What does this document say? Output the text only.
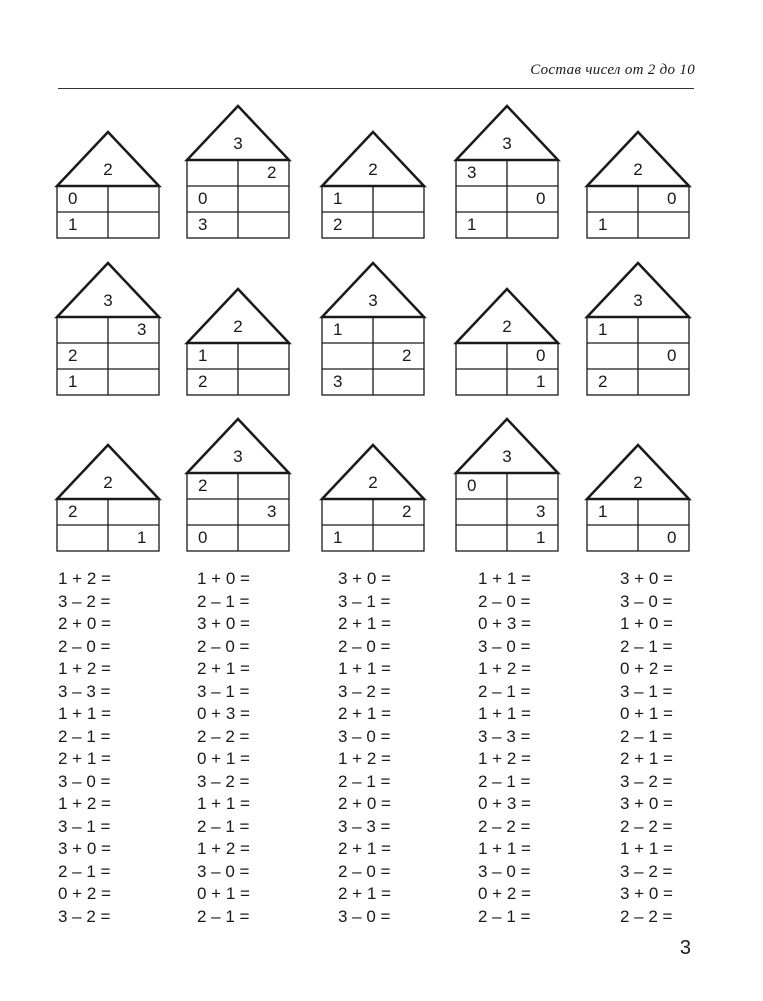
Состав чисел от 2 до 10
2
0
1
3
2
0
3
2
1
2
3
3
0
1
2
0
1
3
3
2
1
2
1
2
3
1
2
3
2
0
1
3
1
0
2
2
2
1
3
2
3
0
2
2
1
3
0
3
1
2
1
0
1 + 2 =
3 – 2 =
2 + 0 =
2 – 0 =
1 + 2 =
3 – 3 =
1 + 1 =
2 – 1 =
2 + 1 =
3 – 0 =
1 + 2 =
3 – 1 =
3 + 0 =
2 – 1 =
0 + 2 =
3 – 2 =
1 + 0 =
2 – 1 =
3 + 0 =
2 – 0 =
2 + 1 =
3 – 1 =
0 + 3 =
2 – 2 =
0 + 1 =
3 – 2 =
1 + 1 =
2 – 1 =
1 + 2 =
3 – 0 =
0 + 1 =
2 – 1 =
3 + 0 =
3 – 1 =
2 + 1 =
2 – 0 =
1 + 1 =
3 – 2 =
2 + 1 =
3 – 0 =
1 + 2 =
2 – 1 =
2 + 0 =
3 – 3 =
2 + 1 =
2 – 0 =
2 + 1 =
3 – 0 =
1 + 1 =
2 – 0 =
0 + 3 =
3 – 0 =
1 + 2 =
2 – 1 =
1 + 1 =
3 – 3 =
1 + 2 =
2 – 1 =
0 + 3 =
2 – 2 =
1 + 1 =
3 – 0 =
0 + 2 =
2 – 1 =
3 + 0 =
3 – 0 =
1 + 0 =
2 – 1 =
0 + 2 =
3 – 1 =
0 + 1 =
2 – 1 =
2 + 1 =
3 – 2 =
3 + 0 =
2 – 2 =
1 + 1 =
3 – 2 =
3 + 0 =
2 – 2 =
3
